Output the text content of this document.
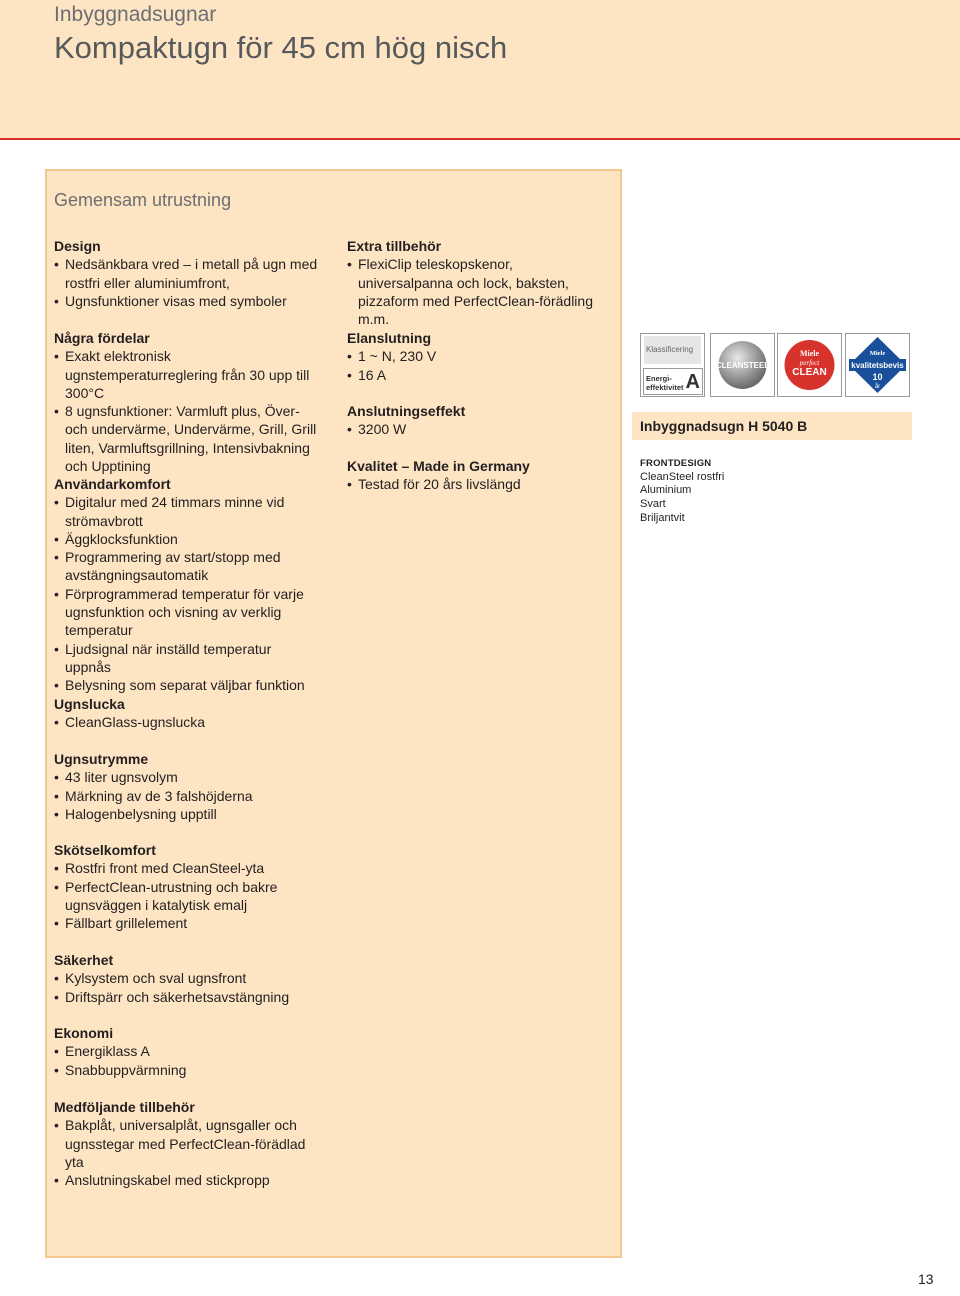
Inbyggnadsugnar
Kompaktugn för 45 cm hög nisch
Gemensam utrustning
Design
• Nedsänkbara vred – i metall på ugn med rostfri eller aluminiumfront,
• Ugnsfunktioner visas med symboler
Några fördelar
• Exakt elektronisk ugnstemperaturreglering från 30 upp till 300°C
• 8 ugnsfunktioner: Varmluft plus, Över- och undervärme, Undervärme, Grill, Grill liten, Varmluftsgrillning, Intensivbakning och Upptining
Användarkomfort
• Digitalur med 24 timmars minne vid strömavbrott
• Äggklocksfunktion
• Programmering av start/stopp med avstängningsautomatik
• Förprogrammerad temperatur för varje ugnsfunktion och visning av verklig temperatur
• Ljudsignal när inställd temperatur uppnås
• Belysning som separat väljbar funktion
Ugnslucka
• CleanGlass-ugnslucka
Ugnsutrymme
• 43 liter ugnsvolym
• Märkning av de 3 falshöjderna
• Halogenbelysning upptill
Skötselkomfort
• Rostfri front med CleanSteel-yta
• PerfectClean-utrustning och bakre ugnsväggen i katalytisk emalj
• Fällbart grillelement
Säkerhet
• Kylsystem och sval ugnsfront
• Driftspärr och säkerhetsavstängning
Ekonomi
• Energiklass A
• Snabbuppvärmning
Medföljande tillbehör
• Bakplåt, universalplåt, ugnsgaller och ugnsstegar med PerfectClean-förädlad yta
• Anslutningskabel med stickpropp
Extra tillbehör
• FlexiClip teleskopskenor, universalpanna och lock, baksten, pizzaform med PerfectClean-förädling m.m.
Elanslutning
• 1 ~ N, 230 V
• 16 A
Anslutningseffekt
• 3200 W
Kvalitet – Made in Germany
• Testad för 20 års livslängd
Klassificering
Energi-
effektivitet A
CLEANSTEEL
Miele
perfect
CLEAN
Miele
kvalitetsbevis
10
år
Inbyggnadsugn H 5040 B
FRONTDESIGN
CleanSteel rostfri
Aluminium
Svart
Briljantvit
13
